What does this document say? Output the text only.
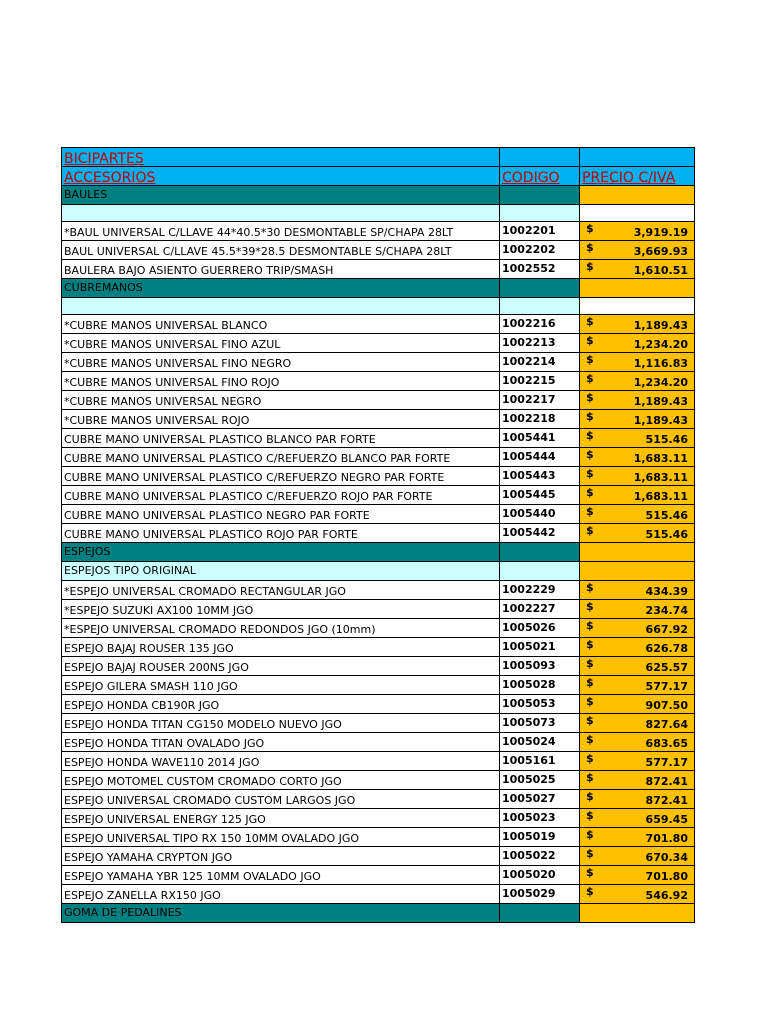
BICIPARTES		
ACCESORIOS	CODIGO	PRECIO C/IVA
BAULES		

*BAUL UNIVERSAL C/LLAVE 44*40.5*30 DESMONTABLE SP/CHAPA 28LT	1002201	$ 3,919.19

BAUL UNIVERSAL C/LLAVE 45.5*39*28.5 DESMONTABLE S/CHAPA 28LT	1002202	$ 3,669.93

BAULERA BAJO ASIENTO GUERRERO TRIP/SMASH	1002552	$ 1,610.51

CUBREMANOS		

*CUBRE MANOS UNIVERSAL BLANCO	1002216	$ 1,189.43

*CUBRE MANOS UNIVERSAL FINO AZUL	1002213	$ 1,234.20

*CUBRE MANOS UNIVERSAL FINO NEGRO	1002214	$ 1,116.83

*CUBRE MANOS UNIVERSAL FINO ROJO	1002215	$ 1,234.20

*CUBRE MANOS UNIVERSAL NEGRO	1002217	$ 1,189.43

*CUBRE MANOS UNIVERSAL ROJO	1002218	$ 1,189.43

CUBRE MANO UNIVERSAL PLASTICO BLANCO PAR FORTE	1005441	$ 515.46

CUBRE MANO UNIVERSAL PLASTICO C/REFUERZO BLANCO PAR FORTE	1005444	$ 1,683.11

CUBRE MANO UNIVERSAL PLASTICO C/REFUERZO NEGRO PAR FORTE	1005443	$ 1,683.11

CUBRE MANO UNIVERSAL PLASTICO C/REFUERZO ROJO PAR FORTE	1005445	$ 1,683.11

CUBRE MANO UNIVERSAL PLASTICO NEGRO PAR FORTE	1005440	$ 515.46

CUBRE MANO UNIVERSAL PLASTICO ROJO PAR FORTE	1005442	$ 515.46

ESPEJOS		
ESPEJOS TIPO ORIGINAL		
*ESPEJO UNIVERSAL CROMADO RECTANGULAR JGO	1002229	$ 434.39

*ESPEJO SUZUKI AX100 10MM JGO	1002227	$ 234.74

*ESPEJO UNIVERSAL CROMADO REDONDOS JGO (10mm)	1005026	$ 667.92

ESPEJO BAJAJ ROUSER 135 JGO	1005021	$ 626.78

ESPEJO BAJAJ ROUSER 200NS JGO	1005093	$ 625.57

ESPEJO GILERA SMASH 110 JGO	1005028	$ 577.17

ESPEJO HONDA CB190R JGO	1005053	$ 907.50

ESPEJO HONDA TITAN CG150 MODELO NUEVO JGO	1005073	$ 827.64

ESPEJO HONDA TITAN OVALADO JGO	1005024	$ 683.65

ESPEJO HONDA WAVE110 2014 JGO	1005161	$ 577.17

ESPEJO MOTOMEL CUSTOM CROMADO CORTO JGO	1005025	$ 872.41

ESPEJO UNIVERSAL CROMADO CUSTOM LARGOS JGO	1005027	$ 872.41

ESPEJO UNIVERSAL ENERGY 125 JGO	1005023	$ 659.45

ESPEJO UNIVERSAL TIPO RX 150 10MM OVALADO JGO	1005019	$ 701.80

ESPEJO YAMAHA CRYPTON JGO	1005022	$ 670.34

ESPEJO YAMAHA YBR 125 10MM OVALADO JGO	1005020	$ 701.80

ESPEJO ZANELLA RX150 JGO	1005029	$ 546.92

GOMA DE PEDALINES		
